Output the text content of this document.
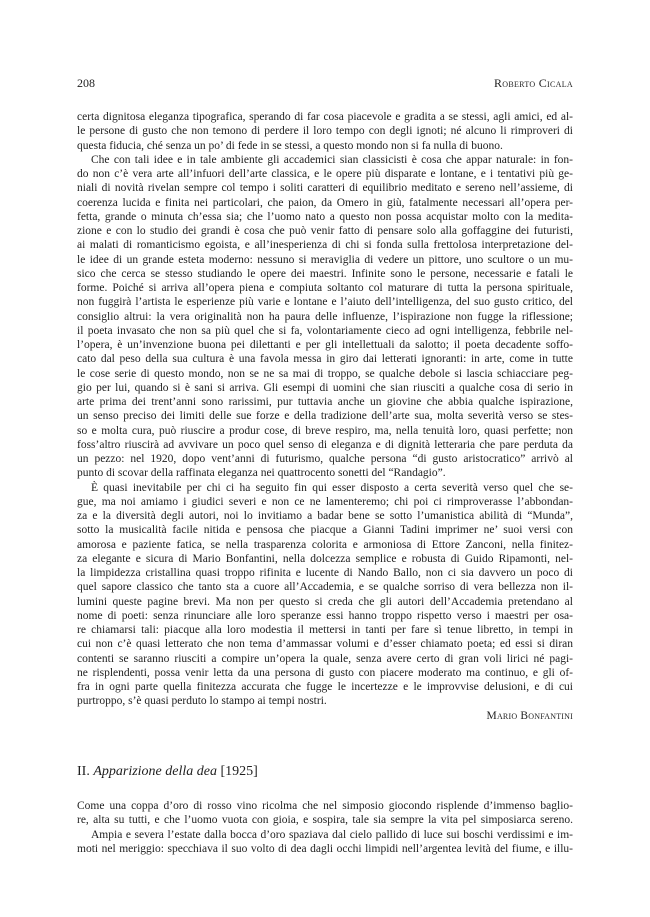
208	Roberto Cicala
certa dignitosa eleganza tipografica, sperando di far cosa piacevole e gradita a se stessi, agli amici, ed al-
le persone di gusto che non temono di perdere il loro tempo con degli ignoti; né alcuno li rimproveri di
questa fiducia, ché senza un po’ di fede in se stessi, a questo mondo non si fa nulla di buono.
Che con tali idee e in tale ambiente gli accademici sian classicisti è cosa che appar naturale: in fon-
do non c’è vera arte all’infuori dell’arte classica, e le opere più disparate e lontane, e i tentativi più ge-
niali di novità rivelan sempre col tempo i soliti caratteri di equilibrio meditato e sereno nell’assieme, di
coerenza lucida e finita nei particolari, che paion, da Omero in giù, fatalmente necessari all’opera per-
fetta, grande o minuta ch’essa sia; che l’uomo nato a questo non possa acquistar molto con la medita-
zione e con lo studio dei grandi è cosa che può venir fatto di pensare solo alla goffaggine dei futuristi,
ai malati di romanticismo egoista, e all’inesperienza di chi si fonda sulla frettolosa interpretazione del-
le idee di un grande esteta moderno: nessuno si meraviglia di vedere un pittore, uno scultore o un mu-
sico che cerca se stesso studiando le opere dei maestri. Infinite sono le persone, necessarie e fatali le
forme. Poiché si arriva all’opera piena e compiuta soltanto col maturare di tutta la persona spirituale,
non fuggirà l’artista le esperienze più varie e lontane e l’aiuto dell’intelligenza, del suo gusto critico, del
consiglio altrui: la vera originalità non ha paura delle influenze, l’ispirazione non fugge la riflessione;
il poeta invasato che non sa più quel che si fa, volontariamente cieco ad ogni intelligenza, febbrile nel-
l’opera, è un’invenzione buona pei dilettanti e per gli intellettuali da salotto; il poeta decadente soffo-
cato dal peso della sua cultura è una favola messa in giro dai letterati ignoranti: in arte, come in tutte
le cose serie di questo mondo, non se ne sa mai di troppo, se qualche debole si lascia schiacciare peg-
gio per lui, quando si è sani si arriva. Gli esempi di uomini che sian riusciti a qualche cosa di serio in
arte prima dei trent’anni sono rarissimi, pur tuttavia anche un giovine che abbia qualche ispirazione,
un senso preciso dei limiti delle sue forze e della tradizione dell’arte sua, molta severità verso se stes-
so e molta cura, può riuscire a produr cose, di breve respiro, ma, nella tenuità loro, quasi perfette; non
foss’altro riuscirà ad avvivare un poco quel senso di eleganza e di dignità letteraria che pare perduta da
un pezzo: nel 1920, dopo vent’anni di futurismo, qualche persona “di gusto aristocratico” arrivò al
punto di scovar della raffinata eleganza nei quattrocento sonetti del “Randagio”.
È quasi inevitabile per chi ci ha seguito fin qui esser disposto a certa severità verso quel che se-
gue, ma noi amiamo i giudici severi e non ce ne lamenteremo; chi poi ci rimproverasse l’abbondan-
za e la diversità degli autori, noi lo invitiamo a badar bene se sotto l’umanistica abilità di “Munda”,
sotto la musicalità facile nitida e pensosa che piacque a Gianni Tadini imprimer ne’ suoi versi con
amorosa e paziente fatica, se nella trasparenza colorita e armoniosa di Ettore Zanconi, nella finitez-
za elegante e sicura di Mario Bonfantini, nella dolcezza semplice e robusta di Guido Ripamonti, nel-
la limpidezza cristallina quasi troppo rifinita e lucente di Nando Ballo, non ci sia davvero un poco di
quel sapore classico che tanto sta a cuore all’Accademia, e se qualche sorriso di vera bellezza non il-
lumini queste pagine brevi. Ma non per questo si creda che gli autori dell’Accademia pretendano al
nome di poeti: senza rinunciare alle loro speranze essi hanno troppo rispetto verso i maestri per osa-
re chiamarsi tali: piacque alla loro modestia il mettersi in tanti per fare sì tenue libretto, in tempi in
cui non c’è quasi letterato che non tema d’ammassar volumi e d’esser chiamato poeta; ed essi si diran
contenti se saranno riusciti a compire un’opera la quale, senza avere certo di gran voli lirici né pagi-
ne risplendenti, possa venir letta da una persona di gusto con piacere moderato ma continuo, e gli of-
fra in ogni parte quella finitezza accurata che fugge le incertezze e le improvvise delusioni, e di cui
purtroppo, s’è quasi perduto lo stampo ai tempi nostri.
Mario Bonfantini
II. Apparizione della dea [1925]
Come una coppa d’oro di rosso vino ricolma che nel simposio giocondo risplende d’immenso baglio-
re, alta su tutti, e che l’uomo vuota con gioia, e sospira, tale sia sempre la vita pel simposiarca sereno.
Ampia e severa l’estate dalla bocca d’oro spaziava dal cielo pallido di luce sui boschi verdissimi e im-
moti nel meriggio: specchiava il suo volto di dea dagli occhi limpidi nell’argentea levità del fiume, e illu-
